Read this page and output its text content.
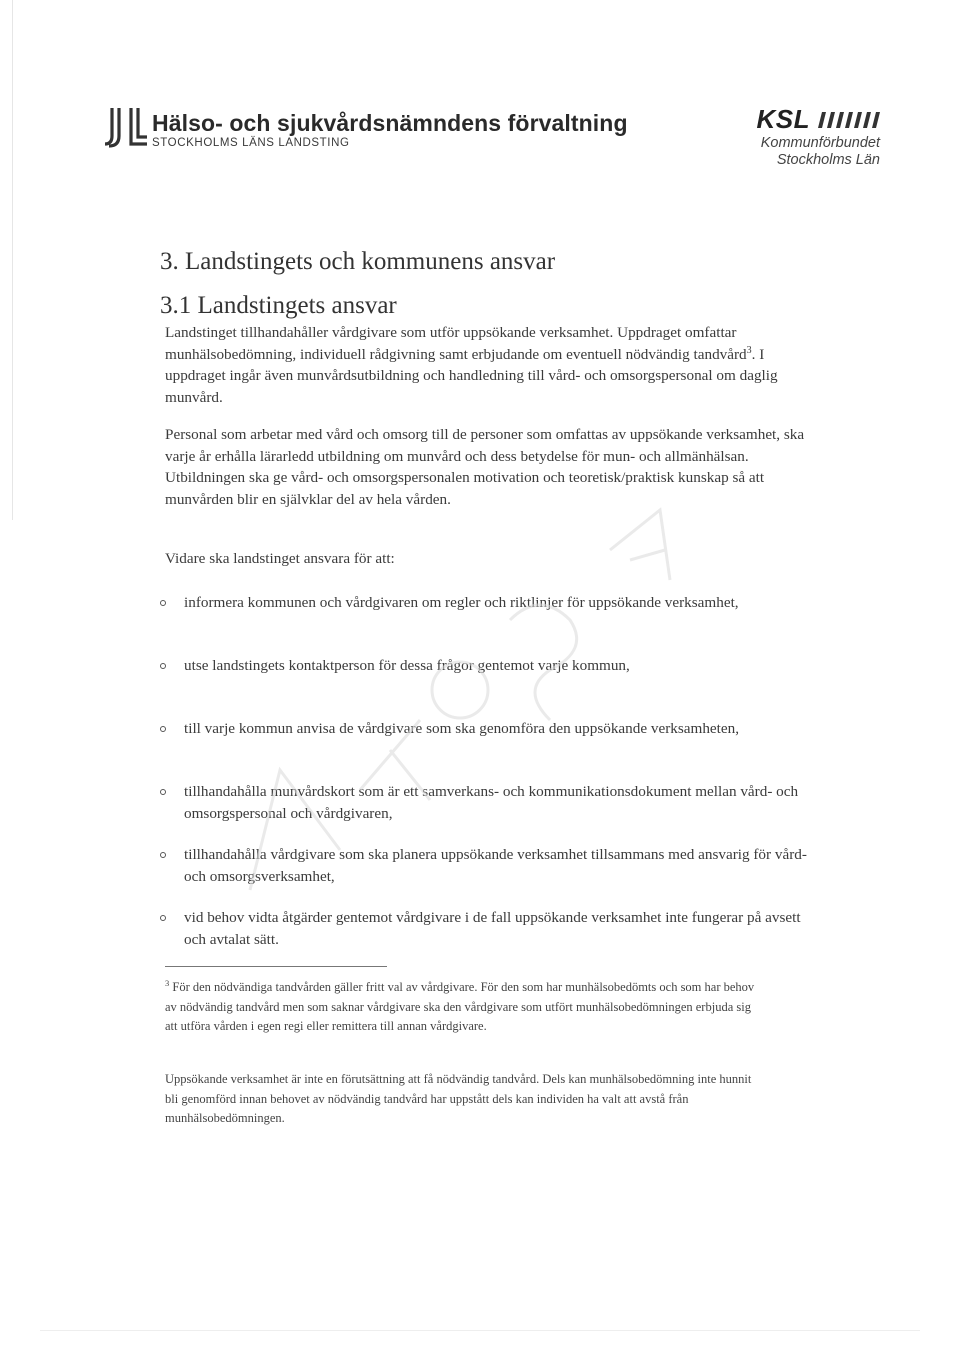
Hälso- och sjukvårdsnämndens förvaltning
STOCKHOLMS LÄNS LANDSTING
KSL
Kommunförbundet
Stockholms Län
3. Landstingets och kommunens ansvar
3.1 Landstingets ansvar

Landstinget tillhandahåller vårdgivare som utför uppsökande verksamhet. Uppdraget omfattar munhälsobedömning, individuell rådgivning samt erbjudande om eventuell nödvändig tandvård$^3$. I uppdraget ingår även munvårdsutbildning och handledning till vård- och omsorgspersonal om daglig munvård.

Personal som arbetar med vård och omsorg till de personer som omfattas av uppsökande verksamhet, ska varje år erhålla lärarledd utbildning om munvård och dess betydelse för mun- och allmänhälsan. Utbildningen ska ge vård- och omsorgspersonalen motivation och teoretisk/praktisk kunskap så att munvården blir en självklar del av hela vården.

Vidare ska landstinget ansvara för att:

informera kommunen och vårdgivaren om regler och riktlinjer för uppsökande verksamhet,
utse landstingets kontaktperson för dessa frågor gentemot varje kommun,
till varje kommun anvisa de vårdgivare som ska genomföra den uppsökande verksamheten,
tillhandahålla munvårdskort som är ett samverkans- och kommunikationsdokument mellan vård- och omsorgspersonal och vårdgivaren,
tillhandahålla vårdgivare som ska planera uppsökande verksamhet tillsammans med ansvarig för vård- och omsorgsverksamhet,
vid behov vidta åtgärder gentemot vårdgivare i de fall uppsökande verksamhet inte fungerar på avsett och avtalat sätt.

$^3$ För den nödvändiga tandvården gäller fritt val av vårdgivare. För den som har munhälsobedömts och som har behov av nödvändig tandvård men som saknar vårdgivare ska den vårdgivare som utfört munhälsobedömningen erbjuda sig att utföra vården i egen regi eller remittera till annan vårdgivare.

Uppsökande verksamhet är inte en förutsättning att få nödvändig tandvård. Dels kan munhälsobedömning inte hunnit bli genomförd innan behovet av nödvändig tandvård har uppstått dels kan individen ha valt att avstå från munhälsobedömningen.
